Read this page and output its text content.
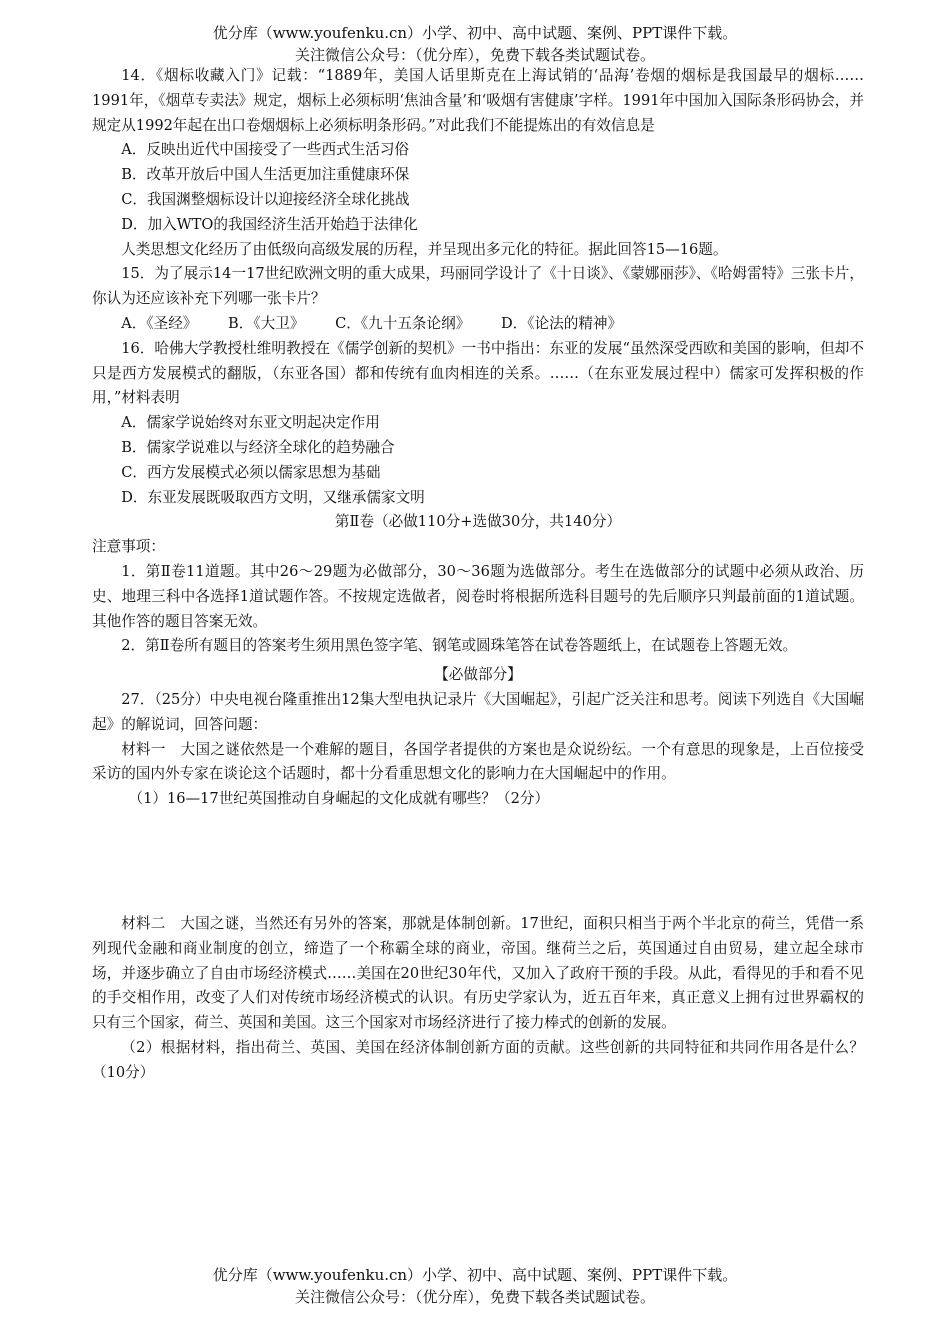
优分库（www.youfenku.cn）小学、初中、高中试题、案例、PPT课件下载。
关注微信公众号：（优分库），免费下载各类试题试卷。

14．《烟标收藏入门》记载：“1889年，美国人话里斯克在上海试销的‘品海’卷烟的烟标是我国最早的烟标……1991年，《烟草专卖法》规定，烟标上必须标明‘焦油含量’和‘吸烟有害健康’字样。1991年中国加入国际条形码协会，并规定从1992年起在出口卷烟烟标上必须标明条形码。”对此我们不能提炼出的有效信息是

A．反映出近代中国接受了一些西式生活习俗

B．改革开放后中国人生活更加注重健康环保

C．我国渊整烟标设计以迎接经济全球化挑战

D．加入WTO的我国经济生活开始趋于法律化

人类思想文化经历了由低级向高级发展的历程，并呈现出多元化的特征。据此回答15—16题。

15．为了展示14一17世纪欧洲文明的重大成果，玛丽同学设计了《十日谈》、《蒙娜丽莎》、《哈姆雷特》三张卡片，你认为还应该补充下列哪一张卡片？

A．《圣经》 B．《大卫》 C．《九十五条论纲》 D．《论法的精神》

16．哈佛大学教授杜维明教授在《儒学创新的契机》一书中指出：东亚的发展“虽然深受西欧和美国的影响，但却不只是西方发展模式的翻版，（东亚各国）都和传统有血肉相连的关系。……（在东亚发展过程中）儒家可发挥积极的作用，”材料表明

A．儒家学说始终对东亚文明起决定作用

B．儒家学说难以与经济全球化的趋势融合

C．西方发展模式必须以儒家思想为基础

D．东亚发展既吸取西方文明，又继承儒家文明

第Ⅱ卷（必做110分+选做30分，共140分）

注意事项：

1．第Ⅱ卷11道题。其中26～29题为必做部分，30～36题为选做部分。考生在选做部分的试题中必须从政治、历史、地理三科中各选择1道试题作答。不按规定选做者，阅卷时将根据所选科目题号的先后顺序只判最前面的1道试题。其他作答的题目答案无效。

2．第Ⅱ卷所有题目的答案考生须用黑色签字笔、钢笔或圆珠笔答在试卷答题纸上，在试题卷上答题无效。

【必做部分】

27．（25分）中央电视台隆重推出12集大型电执记录片《大国崛起》，引起广泛关注和思考。阅读下列选自《大国崛起》的解说词，回答问题：

材料一　大国之谜依然是一个难解的题目，各国学者提供的方案也是众说纷纭。一个有意思的现象是，上百位接受采访的国内外专家在谈论这个话题时，都十分看重思想文化的影响力在大国崛起中的作用。

（1）16—17世纪英国推动自身崛起的文化成就有哪些？（2分）

材料二　大国之谜，当然还有另外的答案，那就是体制创新。17世纪，面积只相当于两个半北京的荷兰，凭借一系列现代金融和商业制度的创立，缔造了一个称霸全球的商业，帝国。继荷兰之后，英国通过自由贸易，建立起全球市场，并逐步确立了自由市场经济模式……美国在20世纪30年代，又加入了政府干预的手段。从此，看得见的手和看不见的手交相作用，改变了人们对传统市场经济模式的认识。有历史学家认为，近五百年来，真正意义上拥有过世界霸权的只有三个国家，荷兰、英国和美国。这三个国家对市场经济进行了接力棒式的创新的发展。

（2）根据材料，指出荷兰、英国、美国在经济体制创新方面的贡献。这些创新的共同特征和共同作用各是什么？（10分）

优分库（www.youfenku.cn）小学、初中、高中试题、案例、PPT课件下载。
关注微信公众号：（优分库），免费下载各类试题试卷。
